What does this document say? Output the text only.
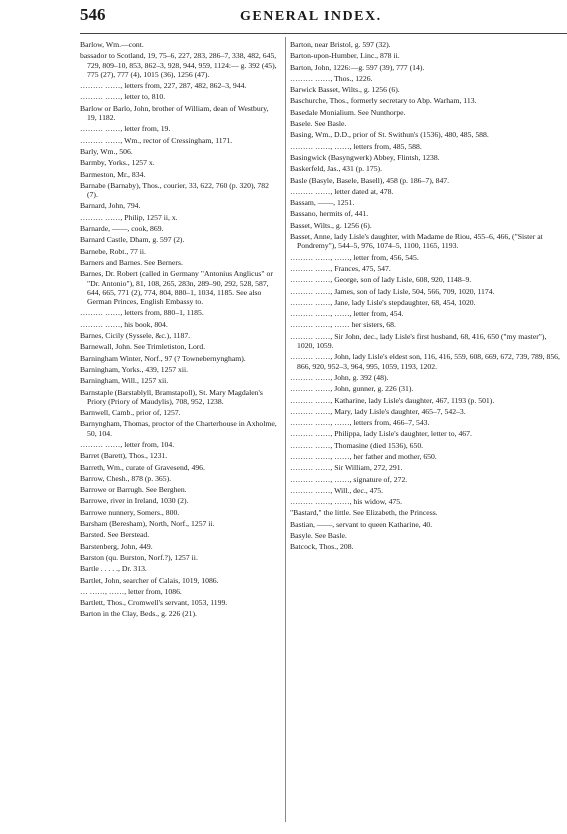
546	GENERAL INDEX.
Barlow, Wm.—cont.
bassador to Scotland, 19, 75–6, 227, 283, 286–7, 338, 482, 645, 729, 809–10, 853, 862–3, 928, 944, 959, 1124:— g. 392 (45), 775 (27), 777 (4), 1015 (36), 1256 (47).
……… ……, letters from, 227, 287, 482, 862–3, 944.
……… ……, letter to, 810.
Barlow or Barlo, John, brother of William, dean of Westbury, 19, 1182.
……… ……, letter from, 19.
……… ……, Wm., rector of Cressingham, 1171.
Barly, Wm., 506.
Barmby, Yorks., 1257 x.
Barmeston, Mr., 834.
Barnabe (Barnaby), Thos., courier, 33, 622, 760 (p. 320), 782 (7).
Barnard, John, 794.
……… ……, Philip, 1257 ii, x.
Barnarde, ——, cook, 869.
Barnard Castle, Dham, g. 597 (2).
Barnebe, Robt., 77 ii.
Barners and Barnes. See Berners.
Barnes, Dr. Robert (called in Germany "Antonius Anglicus" or "Dr. Antonio"), 81, 108, 265, 283n, 289–90, 292, 528, 587, 644, 665, 771 (2), 774, 804, 880–1, 1034, 1185. See also German Princes, English Embassy to.
……… ……, letters from, 880–1, 1185.
……… ……, his book, 804.
Barnes, Cicily (Syssele, &c.), 1187.
Barnewall, John. See Trimletiston, Lord.
Barningham Winter, Norf., 97 (? Townebernyngham).
Barningham, Yorks., 439, 1257 xii.
Barningham, Will., 1257 xii.
Barnstaple (Barstablyll, Bramstapoll), St. Mary Magdalen's Priory (Priory of Maudylis), 708, 952, 1238.
Barnwell, Camb., prior of, 1257.
Barnyngham, Thomas, proctor of the Charterhouse in Axholme, 50, 104.
……… ……, letter from, 104.
Barret (Barett), Thos., 1231.
Barreth, Wm., curate of Gravesend, 496.
Barrow, Chesh., 878 (p. 365).
Barrowe or Barrugh. See Berghen.
Barrowe, river in Ireland, 1030 (2).
Barrowe nunnery, Somers., 800.
Barsham (Beresham), North, Norf., 1257 ii.
Barsted. See Berstead.
Barstenberg, John, 449.
Barston (qu. Burston, Norf.?), 1257 ii.
Bartle . . . . ., Dr. 313.
Bartlet, John, searcher of Calais, 1019, 1086.
… ……, ……, letter from, 1086.
Bartlett, Thos., Cromwell's servant, 1053, 1199.
Barton in the Clay, Beds., g. 226 (21).
Barton, near Bristol, g. 597 (32).
Barton-upon-Humber, Linc., 878 ii.
Barton, John, 1226:—g. 597 (39), 777 (14).
……… ……, Thos., 1226.
Barwick Basset, Wilts., g. 1256 (6).
Baschurche, Thos., formerly secretary to Abp. Warham, 113.
Basedale Monialium. See Nunthorpe.
Basele. See Basle.
Basing, Wm., D.D., prior of St. Swithun's (1536), 480, 485, 588.
……… ……, ……, letters from, 485, 588.
Basingwick (Basyngwerk) Abbey, Flintsh, 1238.
Baskerfeld, Jas., 431 (p. 175).
Basle (Basyle, Basele, Basell), 458 (p. 186–7), 847.
……… ……, letter dated at, 478.
Bassam, ——, 1251.
Bassano, hermits of, 441.
Basset, Wilts., g. 1256 (6).
Basset, Anne, lady Lisle's daughter, with Madame de Riou, 455–6, 466, ("Sister at Pondremy"), 544–5, 976, 1074–5, 1100, 1165, 1193.
……… ……, ……, letter from, 456, 545.
……… ……, Frances, 475, 547.
……… ……, George, son of lady Lisle, 608, 920, 1148–9.
……… ……, James, son of lady Lisle, 504, 566, 709, 1020, 1174.
……… ……, Jane, lady Lisle's stepdaughter, 68, 454, 1020.
……… ……, ……, letter from, 454.
……… ……, …… her sisters, 68.
……… ……, Sir John, dec., lady Lisle's first husband, 68, 416, 650 ("my master"), 1020, 1059.
……… ……, John, lady Lisle's eldest son, 116, 416, 559, 608, 669, 672, 739, 789, 856, 866, 920, 952–3, 964, 995, 1059, 1193, 1202.
……… ……, John, g. 392 (48).
……… ……, John, gunner, g. 226 (31).
……… ……, Katharine, lady Lisle's daughter, 467, 1193 (p. 501).
……… ……, Mary, lady Lisle's daughter, 465–7, 542–3.
……… ……, ……, letters from, 466–7, 543.
……… ……, Philippa, lady Lisle's daughter, letter to, 467.
……… ……, Thomasine (died 1536), 650.
……… ……, ……, her father and mother, 650.
……… ……, Sir William, 272, 291.
……… ……, ……, signature of, 272.
……… ……, Will., dec., 475.
……… ……, ……, his widow, 475.
"Bastard," the little. See Elizabeth, the Princess.
Bastian, ——, servant to queen Katharine, 40.
Basyle. See Basle.
Batcock, Thos., 208.
